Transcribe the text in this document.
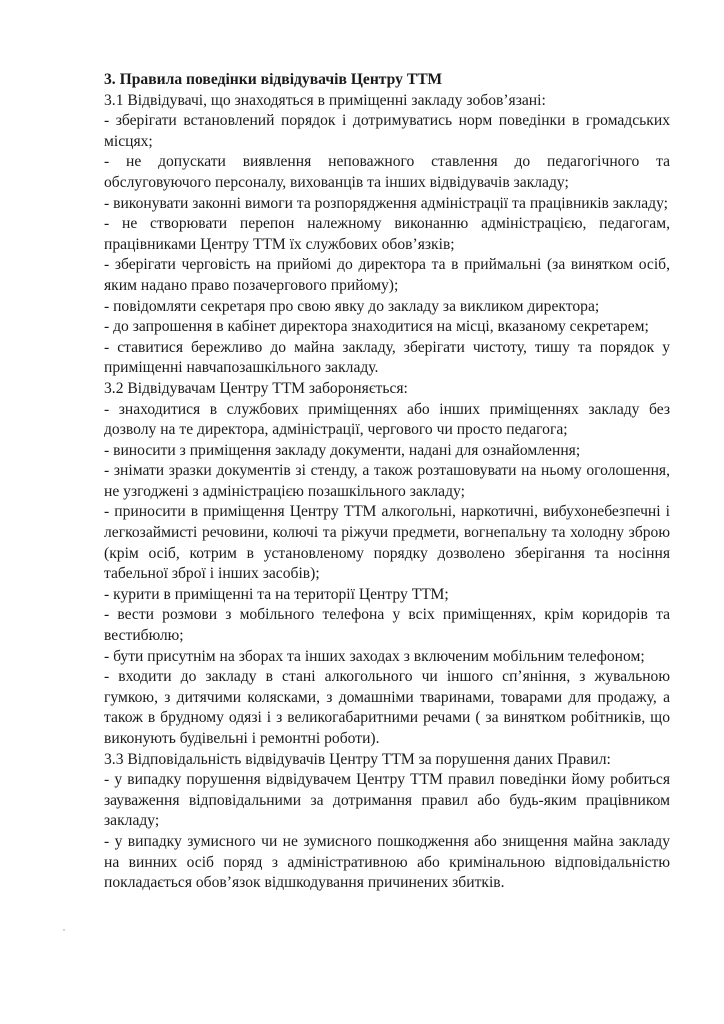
3. Правила поведінки відвідувачів Центру ТТМ

3.1 Відвідувачі, що знаходяться в приміщенні закладу зобов’язані:

- зберігати встановлений порядок і дотримуватись норм поведінки в громадських місцях;

- не допускати виявлення неповажного ставлення до педагогічного та обслуговуючого персоналу, вихованців та інших відвідувачів закладу;

- виконувати законні вимоги та розпорядження адміністрації та працівників закладу;

- не створювати перепон належному виконанню адміністрацією, педагогам, працівниками Центру ТТМ їх службових обов’язків;

- зберігати черговість на прийомі до директора та в приймальні (за винятком осіб, яким надано право позачергового прийому);

- повідомляти секретаря про свою явку до закладу за викликом директора;

- до запрошення в кабінет директора знаходитися на місці, вказаному секретарем;

- ставитися бережливо до майна закладу, зберігати чистоту, тишу та порядок у приміщенні навчапозашкільного закладу.

3.2 Відвідувачам Центру ТТМ забороняється:

- знаходитися в службових приміщеннях або інших приміщеннях закладу без дозволу на те директора, адміністрації, чергового чи просто педагога;

- виносити з приміщення закладу документи, надані для ознайомлення;

- знімати зразки документів зі стенду, а також розташовувати на ньому оголошення, не узгоджені з адміністрацією позашкільного закладу;

- приносити в приміщення Центру ТТМ алкогольні, наркотичні, вибухонебезпечні і легкозаймисті речовини, колючі та ріжучи предмети, вогнепальну та холодну зброю (крім осіб, котрим в установленому порядку дозволено зберігання та носіння табельної зброї і інших засобів);

- курити в приміщенні та на території Центру ТТМ;

- вести розмови з мобільного телефона у всіх приміщеннях, крім коридорів та вестибюлю;

- бути присутнім на зборах та інших заходах з включеним мобільним телефоном;

- входити до закладу в стані алкогольного чи іншого сп’яніння, з жувальною гумкою, з дитячими колясками, з домашніми тваринами, товарами для продажу, а також в брудному одязі і з великогабаритними речами ( за винятком робітників, що виконують будівельні і ремонтні роботи).

3.3 Відповідальність відвідувачів Центру ТТМ за порушення даних Правил:

- у випадку порушення відвідувачем Центру ТТМ правил поведінки йому робиться зауваження відповідальними за дотримання правил або будь-яким працівником закладу;

- у випадку зумисного чи не зумисного пошкодження або знищення майна закладу на винних осіб поряд з адміністративною або кримінальною відповідальністю покладається обов’язок відшкодування причинених збитків.
